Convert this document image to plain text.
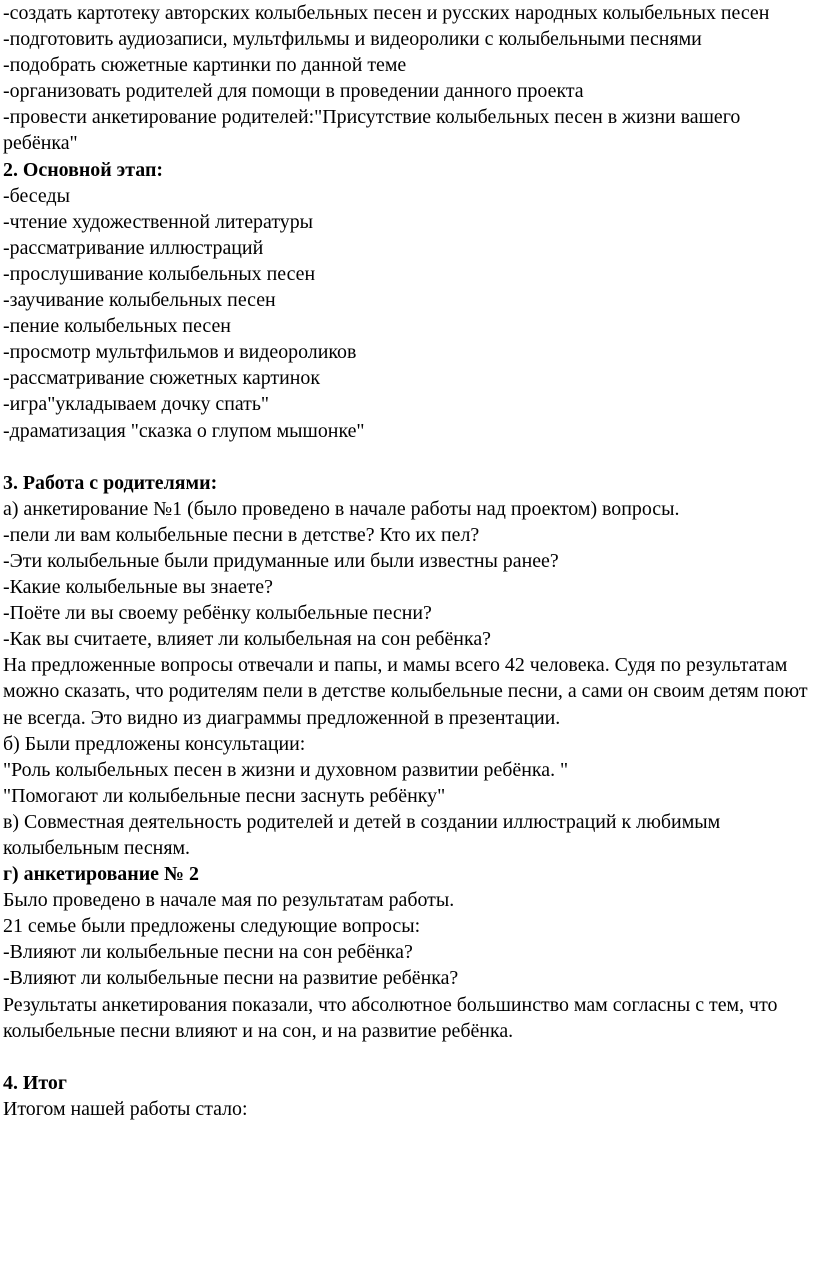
-создать картотеку авторских колыбельных песен и русских народных колыбельных песен

-подготовить аудиозаписи, мультфильмы и видеоролики с колыбельными песнями

-подобрать сюжетные картинки по данной теме

-организовать родителей для помощи в проведении данного проекта

-провести анкетирование родителей:"Присутствие колыбельных песен в жизни вашего ребёнка"

2. Основной этап:

-беседы

-чтение художественной литературы

-рассматривание иллюстраций

-прослушивание колыбельных песен

-заучивание колыбельных песен

-пение колыбельных песен

-просмотр мультфильмов и видеороликов

-рассматривание сюжетных картинок

-игра"укладываем дочку спать"

-драматизация "сказка о глупом мышонке"

3. Работа с родителями:

а) анкетирование №1 (было проведено в начале работы над проектом) вопросы.

-пели ли вам колыбельные песни в детстве? Кто их пел?

-Эти колыбельные были придуманные или были известны ранее?

-Какие колыбельные вы знаете?

-Поёте ли вы своему ребёнку колыбельные песни?

-Как вы считаете, влияет ли колыбельная на сон ребёнка?

На предложенные вопросы отвечали и папы, и мамы всего 42 человека. Судя по результатам можно сказать, что родителям пели в детстве колыбельные песни, а сами он своим детям поют не всегда. Это видно из диаграммы предложенной в презентации.

б) Были предложены консультации:

"Роль колыбельных песен в жизни и духовном развитии ребёнка. "

"Помогают ли колыбельные песни заснуть ребёнку"

в) Совместная деятельность родителей и детей в создании иллюстраций к любимым колыбельным песням.

г) анкетирование № 2

Было проведено в начале мая по результатам работы.

21 семье были предложены следующие вопросы:

-Влияют ли колыбельные песни на сон ребёнка?

-Влияют ли колыбельные песни на развитие ребёнка?

Результаты анкетирования показали, что абсолютное большинство мам согласны с тем, что колыбельные песни влияют и на сон, и на развитие ребёнка.

4. Итог

Итогом нашей работы стало:
